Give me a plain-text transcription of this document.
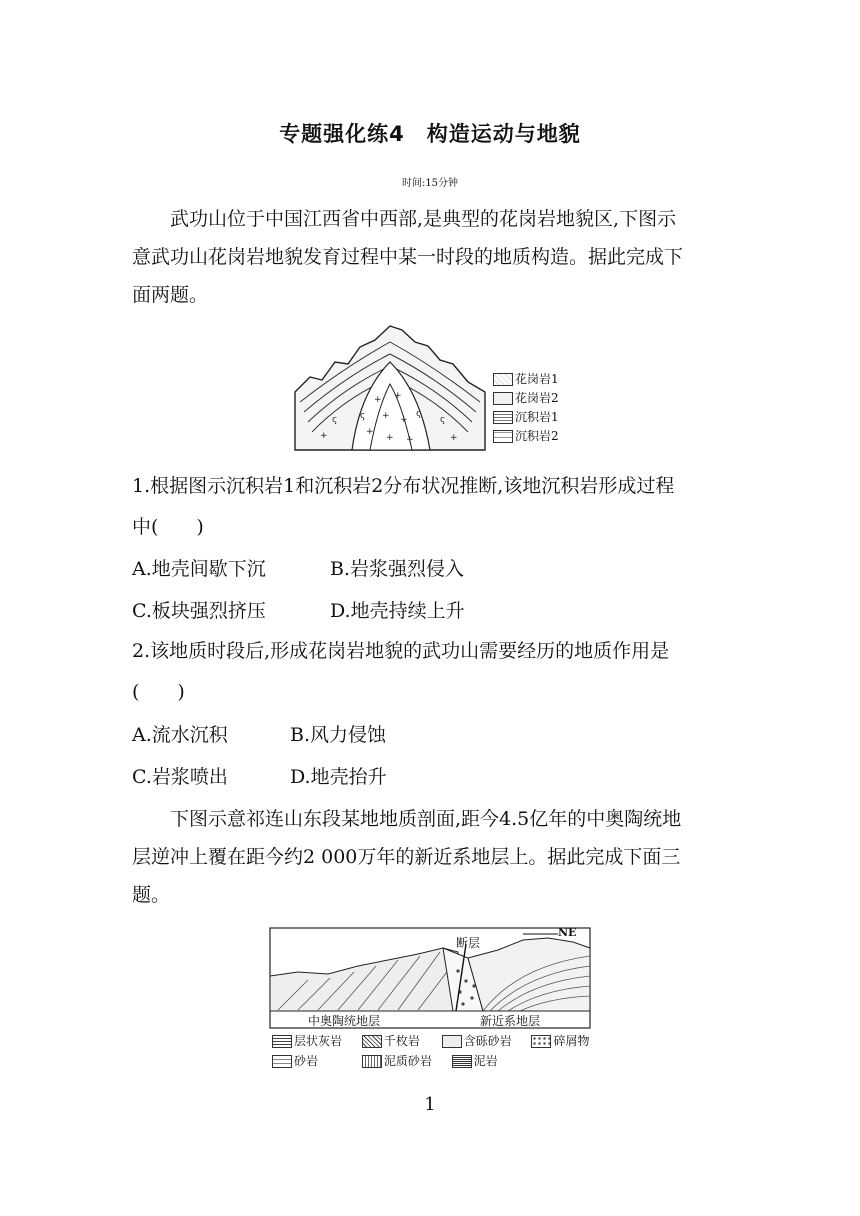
专题强化练4　构造运动与地貌
时间:15分钟
武功山位于中国江西省中西部,是典型的花岗岩地貌区,下图示
意武功山花岗岩地貌发育过程中某一时段的地质构造。据此完成下
面两题。
+ +
+ +
+
+ +
ς	ς
ς	ς
+	+
花岗岩1
花岗岩2
沉积岩1
沉积岩2
1.根据图示沉积岩1和沉积岩2分布状况推断,该地沉积岩形成过程
中(　　)
A.地壳间歇下沉	B.岩浆强烈侵入
C.板块强烈挤压	D.地壳持续上升
2.该地质时段后,形成花岗岩地貌的武功山需要经历的地质作用是
(　　)
A.流水沉积	B.风力侵蚀
C.岩浆喷出	D.地壳抬升
下图示意祁连山东段某地地质剖面,距今4.5亿年的中奥陶统地
层逆冲上覆在距今约2 000万年的新近系地层上。据此完成下面三
题。
断层
NE
中奥陶统地层	新近系地层
层状灰岩	千枚岩	含砾砂岩	碎屑物
砂岩	泥质砂岩	泥岩
1
